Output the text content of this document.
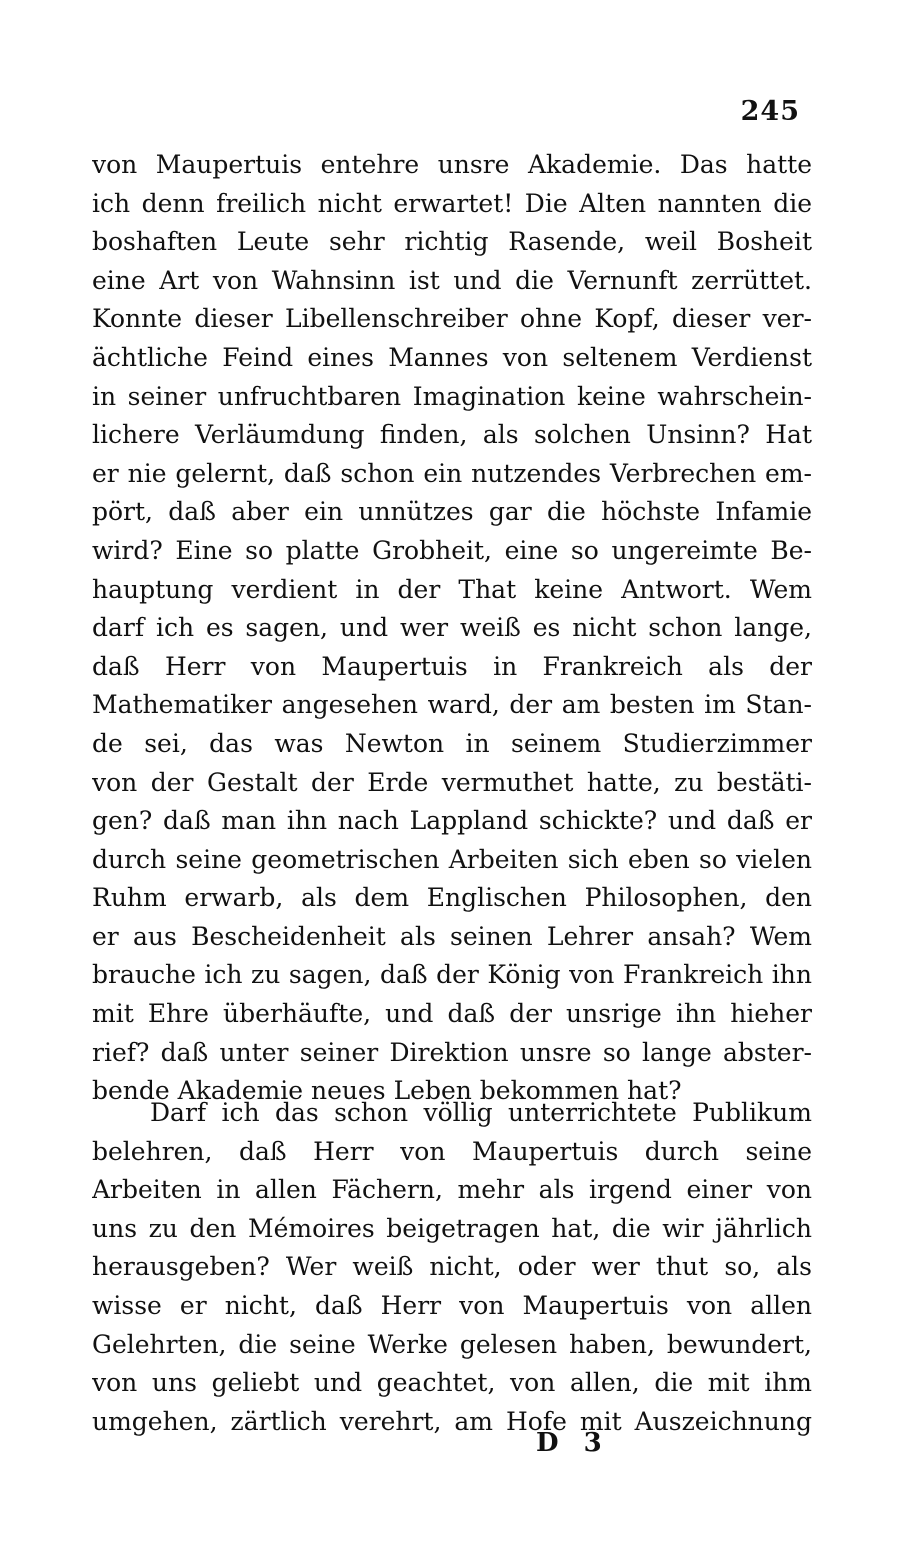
245
von Maupertuis entehre unsre Akademie. Das hatte
ich denn freilich nicht erwartet! Die Alten nannten die
boshaften Leute sehr richtig Rasende, weil Bosheit
eine Art von Wahnsinn ist und die Vernunft zerrüttet.
Konnte dieser Libellenschreiber ohne Kopf, dieser ver-
ächtliche Feind eines Mannes von seltenem Verdienst
in seiner unfruchtbaren Imagination keine wahrschein-
lichere Verläumdung finden, als solchen Unsinn? Hat
er nie gelernt, daß schon ein nutzendes Verbrechen em-
pört, daß aber ein unnützes gar die höchste Infamie
wird? Eine so platte Grobheit, eine so ungereimte Be-
hauptung verdient in der That keine Antwort. Wem
darf ich es sagen, und wer weiß es nicht schon lange,
daß Herr von Maupertuis in Frankreich als der
Mathematiker angesehen ward, der am besten im Stan-
de sei, das was Newton in seinem Studierzimmer
von der Gestalt der Erde vermuthet hatte, zu bestäti-
gen? daß man ihn nach Lappland schickte? und daß er
durch seine geometrischen Arbeiten sich eben so vielen
Ruhm erwarb, als dem Englischen Philosophen, den
er aus Bescheidenheit als seinen Lehrer ansah? Wem
brauche ich zu sagen, daß der König von Frankreich ihn
mit Ehre überhäufte, und daß der unsrige ihn hieher
rief? daß unter seiner Direktion unsre so lange abster-
bende Akademie neues Leben bekommen hat?
Darf ich das schon völlig unterrichtete Publikum
belehren, daß Herr von Maupertuis durch seine
Arbeiten in allen Fächern, mehr als irgend einer von
uns zu den Mémoires beigetragen hat, die wir jährlich
herausgeben? Wer weiß nicht, oder wer thut so, als
wisse er nicht, daß Herr von Maupertuis von allen
Gelehrten, die seine Werke gelesen haben, bewundert,
von uns geliebt und geachtet, von allen, die mit ihm
umgehen, zärtlich verehrt, am Hofe mit Auszeichnung
D 3
